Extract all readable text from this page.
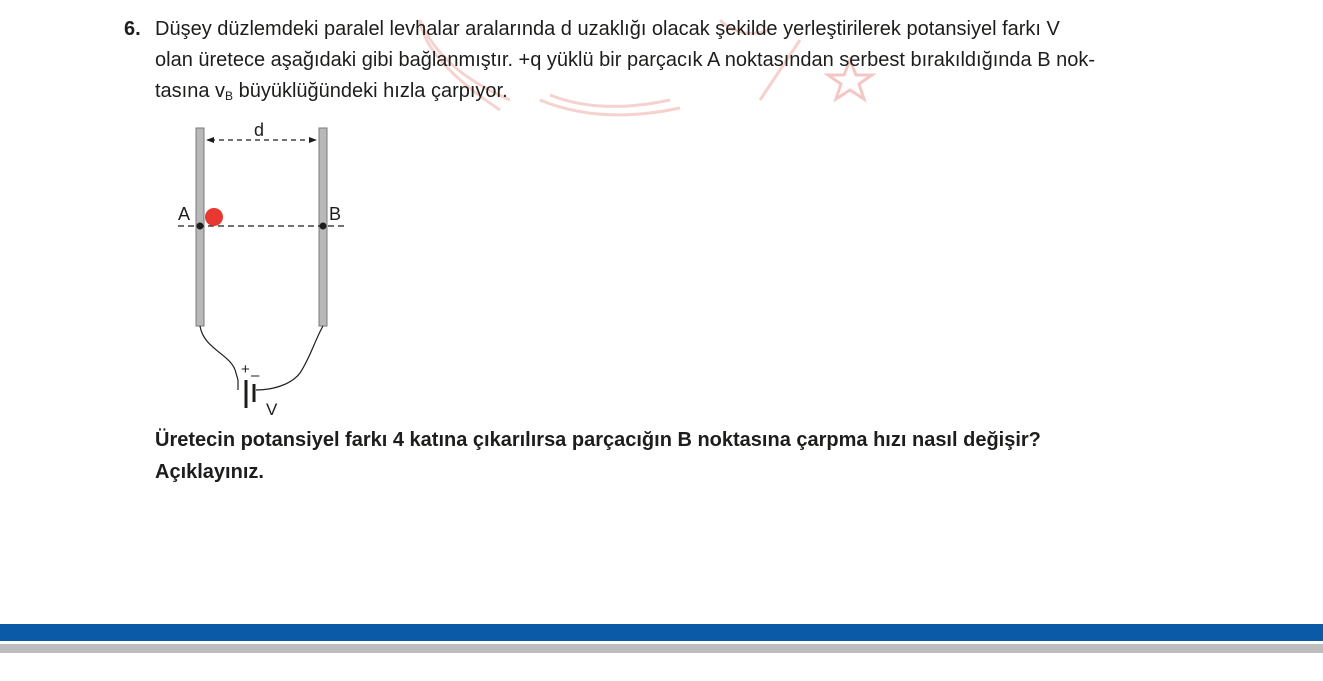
6. Düşey düzlemdeki paralel levhalar aralarında d uzaklığı olacak şekilde yerleştirilerek potansiyel farkı V
olan üretece aşağıdaki gibi bağlanmıştır. +q yüklü bir parçacık A noktasından serbest bırakıldığında B nok-
tasına $v_B$ büyüklüğündeki hızla çarpıyor.
d
A	B
+ –
V
Üretecin potansiyel farkı 4 katına çıkarılırsa parçacığın B noktasına çarpma hızı nasıl değişir?
Açıklayınız.
